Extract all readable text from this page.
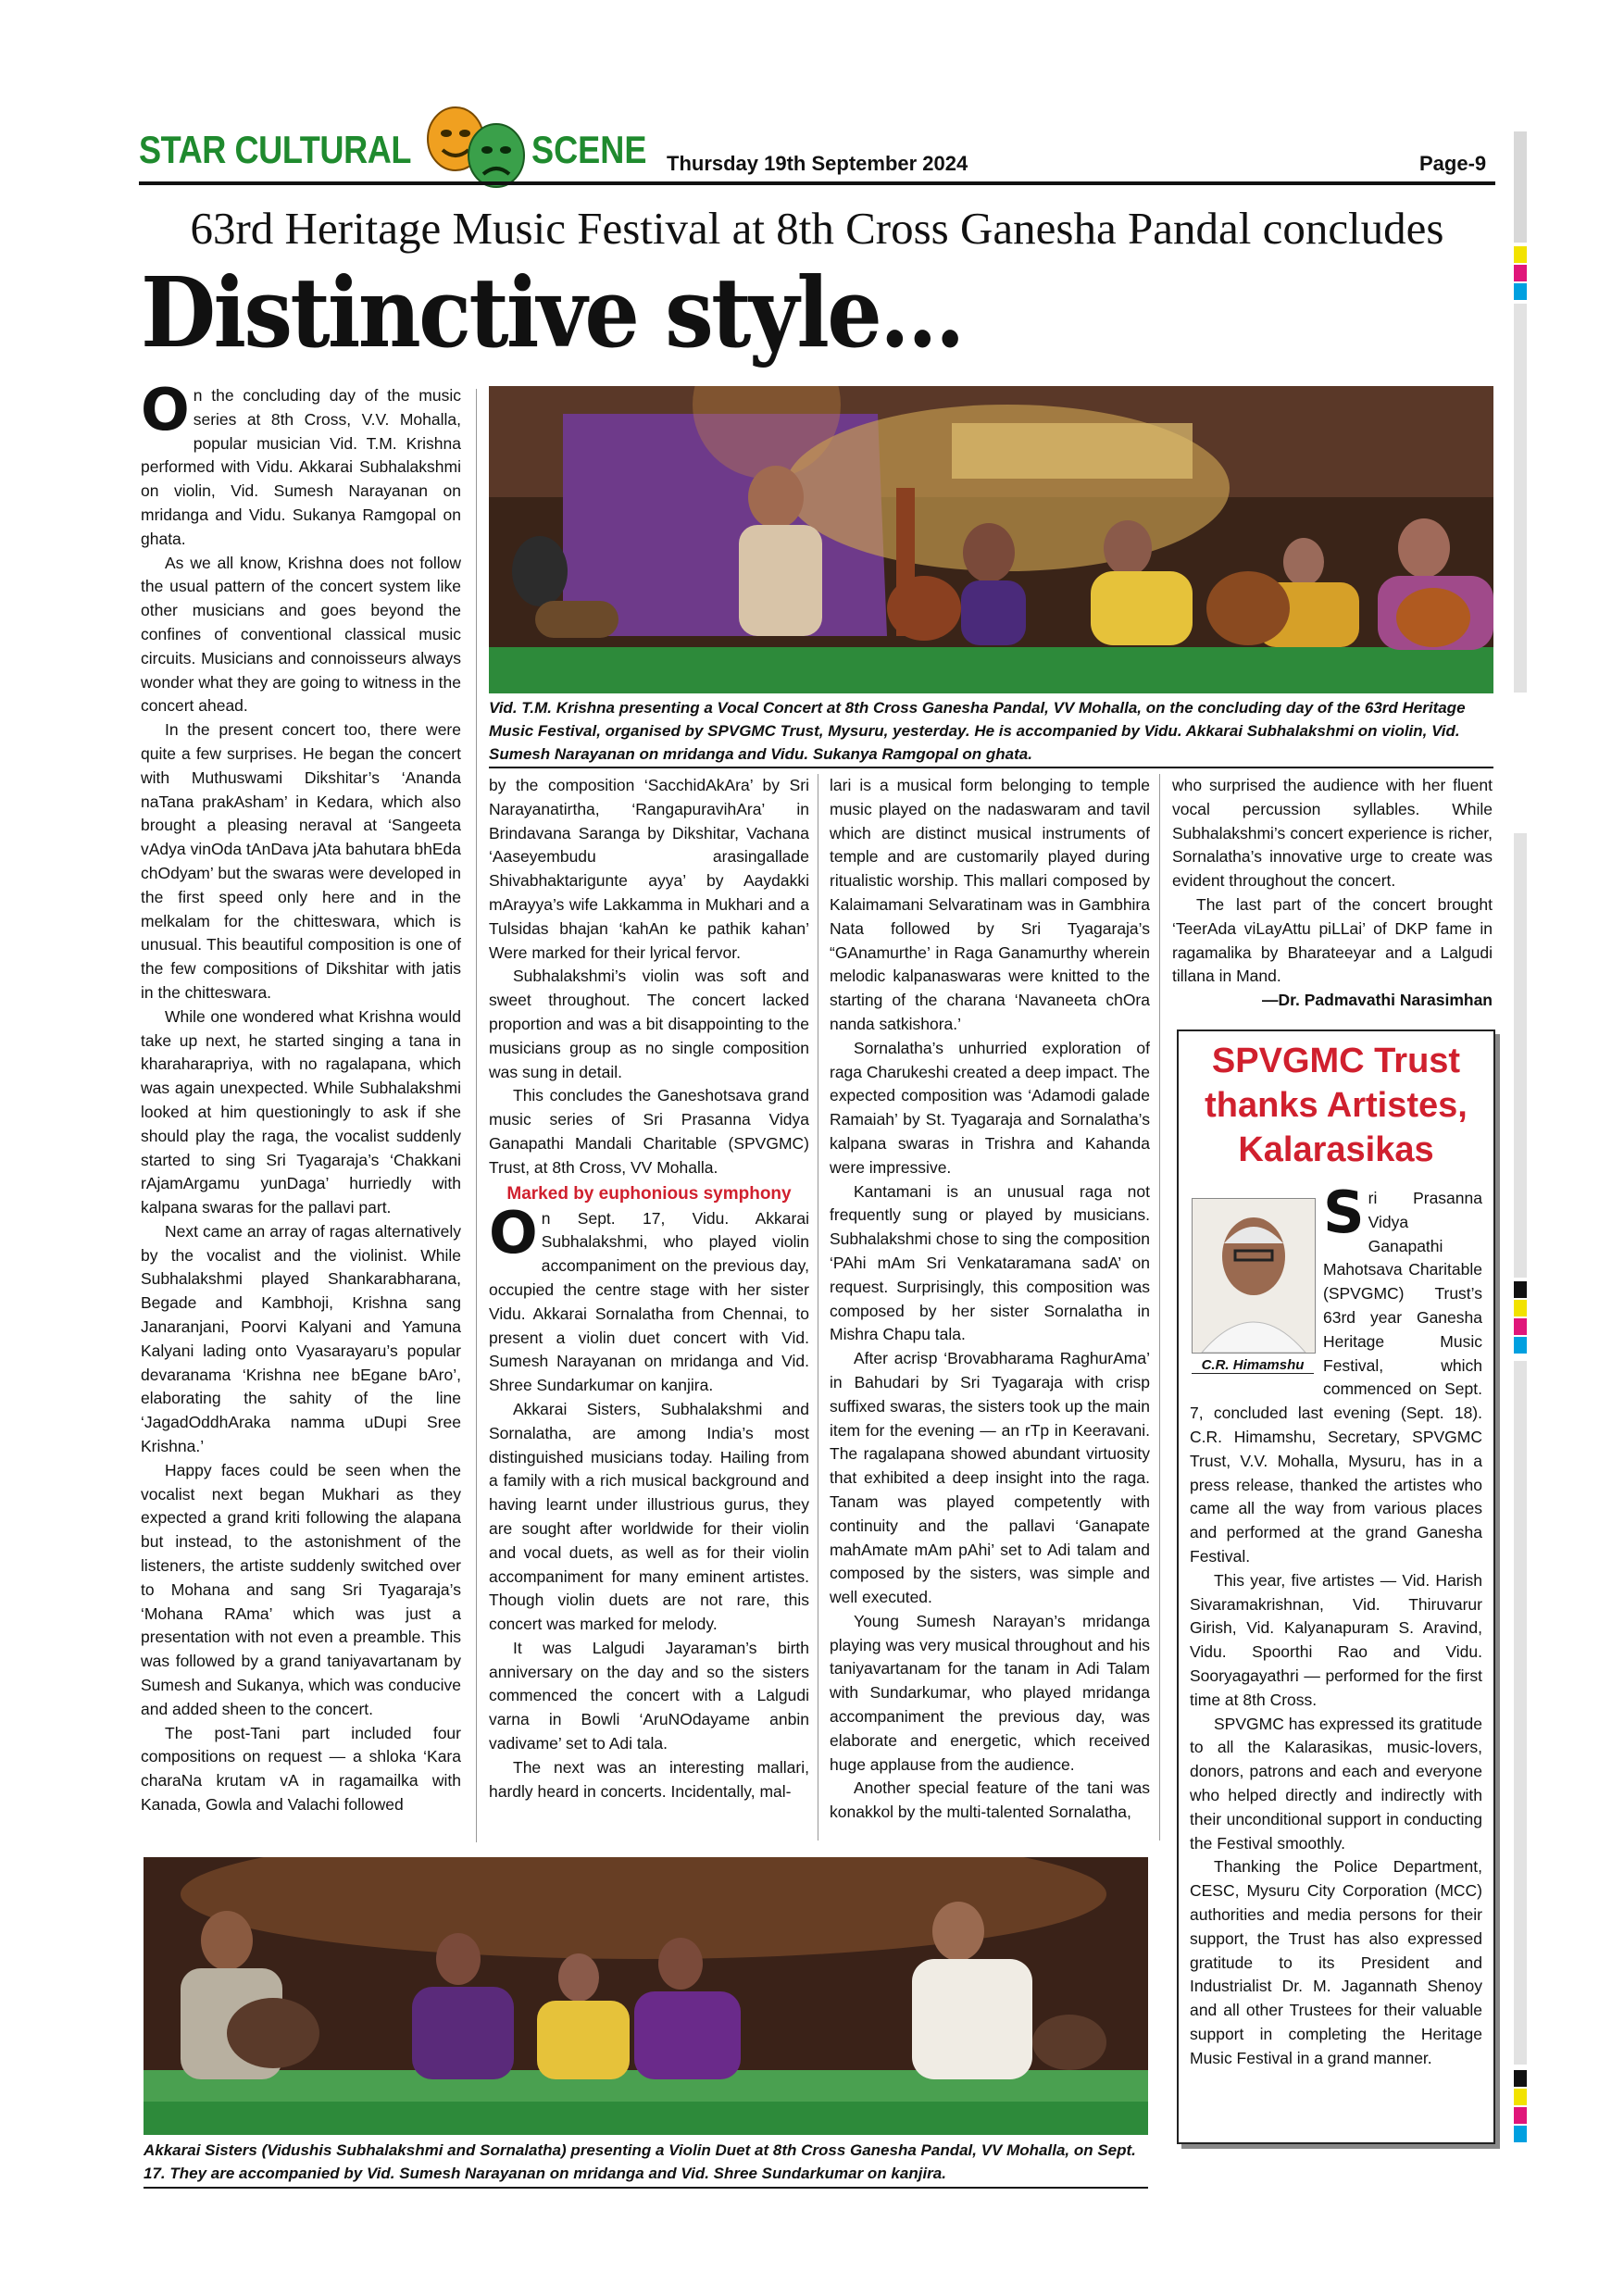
STAR CULTURAL	SCENE Thursday 19th September 2024	Page-9
63rd Heritage Music Festival at 8th Cross Ganesha Pandal concludes
Distinctive style...
Vid. T.M. Krishna presenting a Vocal Concert at 8th Cross Ganesha Pandal, VV Mohalla, on the concluding day of the 63rd Heritage Music Festival, organised by SPVGMC Trust, Mysuru, yesterday. He is accompanied by Vidu. Akkarai Subhalakshmi on violin, Vid. Sumesh Narayanan on mridanga and Vidu. Sukanya Ramgopal on ghata.
O n the concluding day of the music series at 8th Cross, V.V. Mohalla, popular musician Vid. T.M. Krishna performed with Vidu. Akkarai Subhalakshmi on violin, Vid. Sumesh Narayanan on mridanga and Vidu. Sukanya Ramgopal on ghata.

As we all know, Krishna does not follow the usual pattern of the concert system like other musicians and goes beyond the confines of conventional classical music circuits. Musicians and connoisseurs always wonder what they are going to witness in the concert ahead.

In the present concert too, there were quite a few surprises. He began the concert with Muthuswami Dikshitar’s ‘Ananda naTana prakAsham’ in Kedara, which also brought a pleasing neraval at ‘Sangeeta vAdya vinOda tAnDava jAta bahutara bhEda chOdyam’ but the swaras were developed in the first speed only here and in the melkalam for the chitteswara, which is unusual. This beautiful composition is one of the few compositions of Dikshitar with jatis in the chitteswara.

While one wondered what Krishna would take up next, he started singing a tana in kharaharapriya, with no ragalapana, which was again unexpected. While Subhalakshmi looked at him questioningly to ask if she should play the raga, the vocalist suddenly started to sing Sri Tyagaraja’s ‘Chakkani rAjamArgamu yunDaga’ hurriedly with kalpana swaras for the pallavi part.

Next came an array of ragas alternatively by the vocalist and the violinist. While Subhalakshmi played Shankarabharana, Begade and Kambhoji, Krishna sang Janaranjani, Poorvi Kalyani and Yamuna Kalyani lading onto Vyasarayaru’s popular devaranama ‘Krishna nee bEgane bAro’, elaborating the sahity of the line ‘JagadOddhAraka namma uDupi Sree Krishna.’

Happy faces could be seen when the vocalist next began Mukhari as they expected a grand kriti following the alapana but instead, to the astonishment of the listeners, the artiste suddenly switched over to Mohana and sang Sri Tyagaraja’s ‘Mohana RAma’ which was just a presentation with not even a preamble. This was followed by a grand taniyavartanam by Sumesh and Sukanya, which was conducive and added sheen to the concert.

The post-Tani part included four compositions on request — a shloka ‘Kara charaNa krutam vA in ragamailka with Kanada, Gowla and Valachi followed

by the composition ‘SacchidAkAra’ by Sri Narayanatirtha, ‘RangapuravihAra’ in Brindavana Saranga by Dikshitar, Vachana ‘Aaseyembudu arasingallade Shivabhaktarigunte ayya’ by Aaydakki mArayya’s wife Lakkamma in Mukhari and a Tulsidas bhajan ‘kahAn ke pathik kahan’ Were marked for their lyrical fervor.

Subhalakshmi’s violin was soft and sweet throughout. The concert lacked proportion and was a bit disappointing to the musicians group as no single composition was sung in detail.

This concludes the Ganeshotsava grand music series of Sri Prasanna Vidya Ganapathi Mandali Charitable (SPVGMC) Trust, at 8th Cross, VV Mohalla.

Marked by euphonious symphony
O n Sept. 17, Vidu. Akkarai Subhalakshmi, who played violin accompaniment on the previous day, occupied the centre stage with her sister Vidu. Akkarai Sornalatha from Chennai, to present a violin duet concert with Vid. Sumesh Narayanan on mridanga and Vid. Shree Sundarkumar on kanjira.

Akkarai Sisters, Subhalakshmi and Sornalatha, are among India’s most distinguished musicians today. Hailing from a family with a rich musical background and having learnt under illustrious gurus, they are sought after worldwide for their violin and vocal duets, as well as for their violin accompaniment for many eminent artistes. Though violin duets are not rare, this concert was marked for melody.

It was Lalgudi Jayaraman’s birth anniversary on the day and so the sisters commenced the concert with a Lalgudi varna in Bowli ‘AruNOdayame anbin vadivame’ set to Adi tala.

The next was an interesting mallari, hardly heard in concerts. Incidentally, mal-

lari is a musical form belonging to temple music played on the nadaswaram and tavil which are distinct musical instruments of temple and are customarily played during ritualistic worship. This mallari composed by Kalaimamani Selvaratinam was in Gambhira Nata followed by Sri Tyagaraja’s “GAnamurthe’ in Raga Ganamurthy wherein melodic kalpanaswaras were knitted to the starting of the charana ‘Navaneeta chOra nanda satkishora.’

Sornalatha’s unhurried exploration of raga Charukeshi created a deep impact. The expected composition was ‘Adamodi galade Ramaiah’ by St. Tyagaraja and Sornalatha’s kalpana swaras in Trishra and Kahanda were impressive.

Kantamani is an unusual raga not frequently sung or played by musicians. Subhalakshmi chose to sing the composition ‘PAhi mAm Sri Venkataramana sadA’ on request. Surprisingly, this composition was composed by her sister Sornalatha in Mishra Chapu tala.

After acrisp ‘Brovabharama RaghurAma’ in Bahudari by Sri Tyagaraja with crisp suffixed swaras, the sisters took up the main item for the evening — an rTp in Keeravani. The ragalapana showed abundant virtuosity that exhibited a deep insight into the raga. Tanam was played competently with continuity and the pallavi ‘Ganapate mahAmate mAm pAhi’ set to Adi talam and composed by the sisters, was simple and well executed.

Young Sumesh Narayan’s mridanga playing was very musical throughout and his taniyavartanam for the tanam in Adi Talam with Sundarkumar, who played mridanga accompaniment the previous day, was elaborate and energetic, which received huge applause from the audience.

Another special feature of the tani was konakkol by the multi-talented Sornalatha,

who surprised the audience with her fluent vocal percussion syllables. While Subhalakshmi’s concert experience is richer, Sornalatha’s innovative urge to create was evident throughout the concert.

The last part of the concert brought ‘TeerAda viLayAttu piLLai’ of DKP fame in ragamalika by Bharateeyar and a Lalgudi tillana in Mand.

—Dr. Padmavathi Narasimhan
Akkarai Sisters (Vidushis Subhalakshmi and Sornalatha) presenting a Violin Duet at 8th Cross Ganesha Pandal, VV Mohalla, on Sept. 17. They are accompanied by Vid. Sumesh Narayanan on mridanga and Vid. Shree Sundarkumar on kanjira.
SPVGMC Trust thanks Artistes, Kalarasikas
C.R. Himamshu
S ri Prasanna Vidya Ganapathi Mahotsava Charitable (SPVGMC) Trust’s 63rd year Ganesha Heritage Music Festival, which commenced on Sept. 7, concluded last evening (Sept. 18). C.R. Himamshu, Secretary, SPVGMC Trust, V.V. Mohalla, Mysuru, has in a press release, thanked the artistes who came all the way from various places and performed at the grand Ganesha Festival.

This year, five artistes — Vid. Harish Sivaramakrishnan, Vid. Thiruvarur Girish, Vid. Kalyanapuram S. Aravind, Vidu. Spoorthi Rao and Vidu. Sooryagayathri — performed for the first time at 8th Cross.

SPVGMC has expressed its gratitude to all the Kalarasikas, music-lovers, donors, patrons and each and everyone who helped directly and indirectly with their unconditional support in conducting the Festival smoothly.

Thanking the Police Department, CESC, Mysuru City Corporation (MCC) authorities and media persons for their support, the Trust has also expressed gratitude to its President and Industrialist Dr. M. Jagannath Shenoy and all other Trustees for their valuable support in completing the Heritage Music Festival in a grand manner.
